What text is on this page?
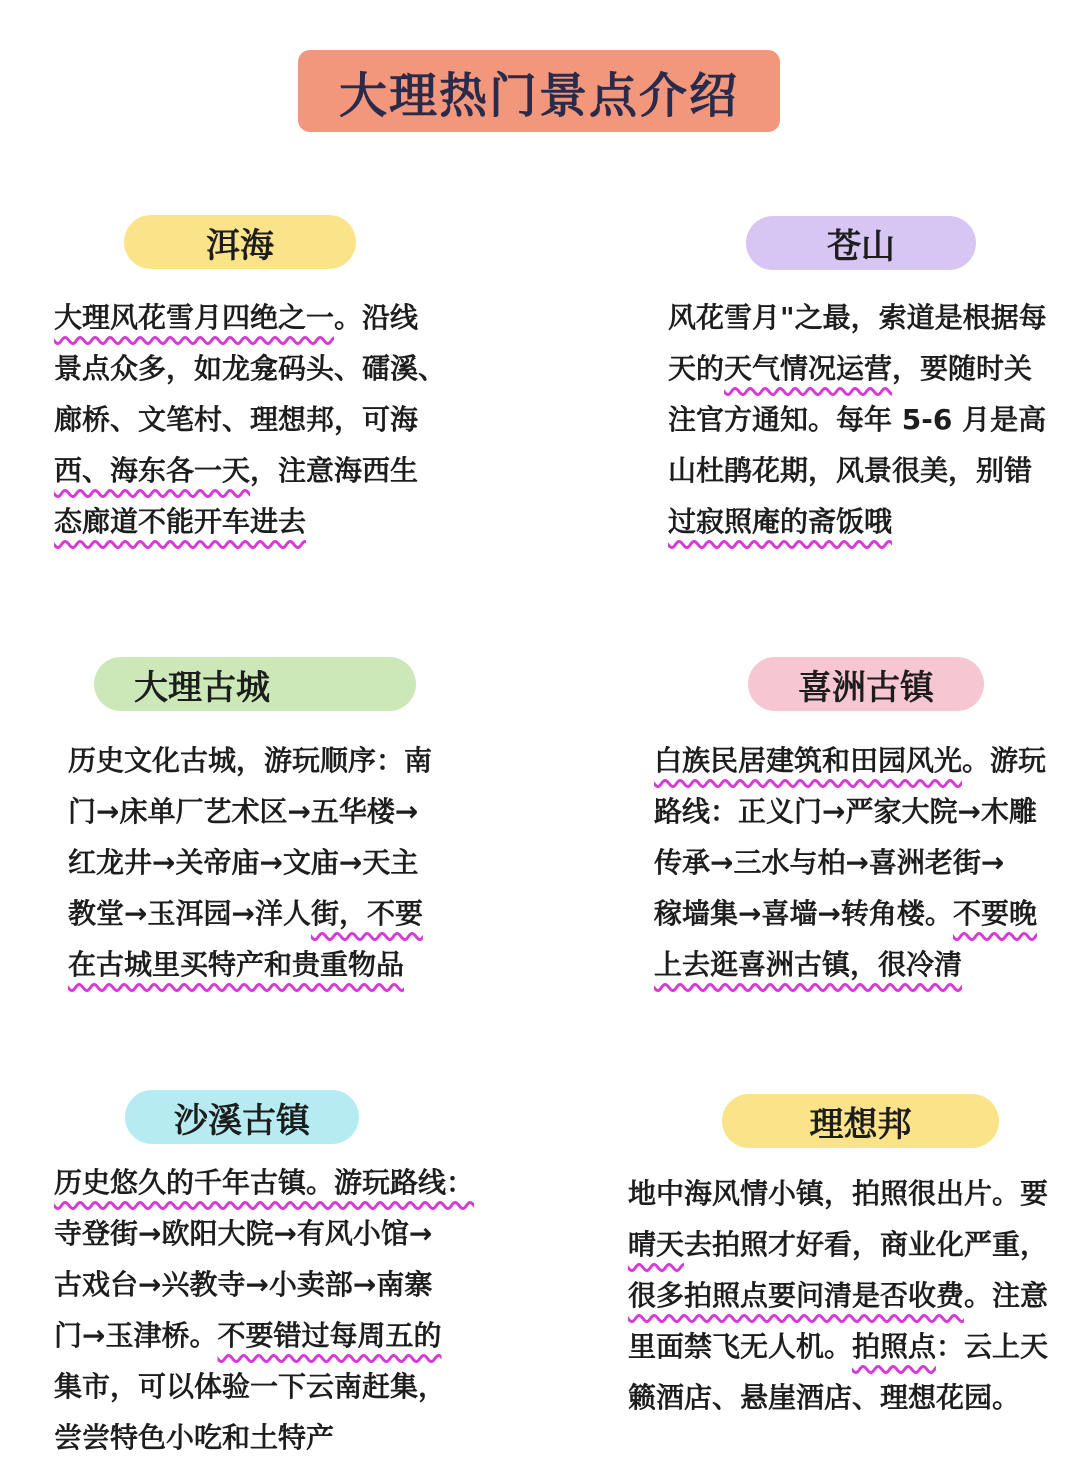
大理热门景点介绍
洱海
大理风花雪月四绝之一。沿线
景点众多，如龙龛码头、礌溪、
廊桥、文笔村、理想邦，可海
西、海东各一天，注意海西生
态廊道不能开车进去
苍山
风花雪月"之最，索道是根据每
天的天气情况运营，要随时关
注官方通知。每年 5-6 月是高
山杜鹃花期，风景很美，别错
过寂照庵的斋饭哦
大理古城
历史文化古城，游玩顺序：南
门→床单厂艺术区→五华楼→
红龙井→关帝庙→文庙→天主
教堂→玉洱园→洋人街，不要
在古城里买特产和贵重物品
喜洲古镇
白族民居建筑和田园风光。游玩
路线：正义门→严家大院→木雕
传承→三水与柏→喜洲老街→
稼墙集→喜墙→转角楼。不要晚
上去逛喜洲古镇，很冷清
沙溪古镇
历史悠久的千年古镇。游玩路线：
寺登街→欧阳大院→有风小馆→
古戏台→兴教寺→小卖部→南寨
门→玉津桥。不要错过每周五的
集市，可以体验一下云南赶集，
尝尝特色小吃和土特产
理想邦
地中海风情小镇，拍照很出片。要
晴天去拍照才好看，商业化严重，
很多拍照点要问清是否收费。注意
里面禁飞无人机。拍照点：云上天
籁酒店、悬崖酒店、理想花园。
